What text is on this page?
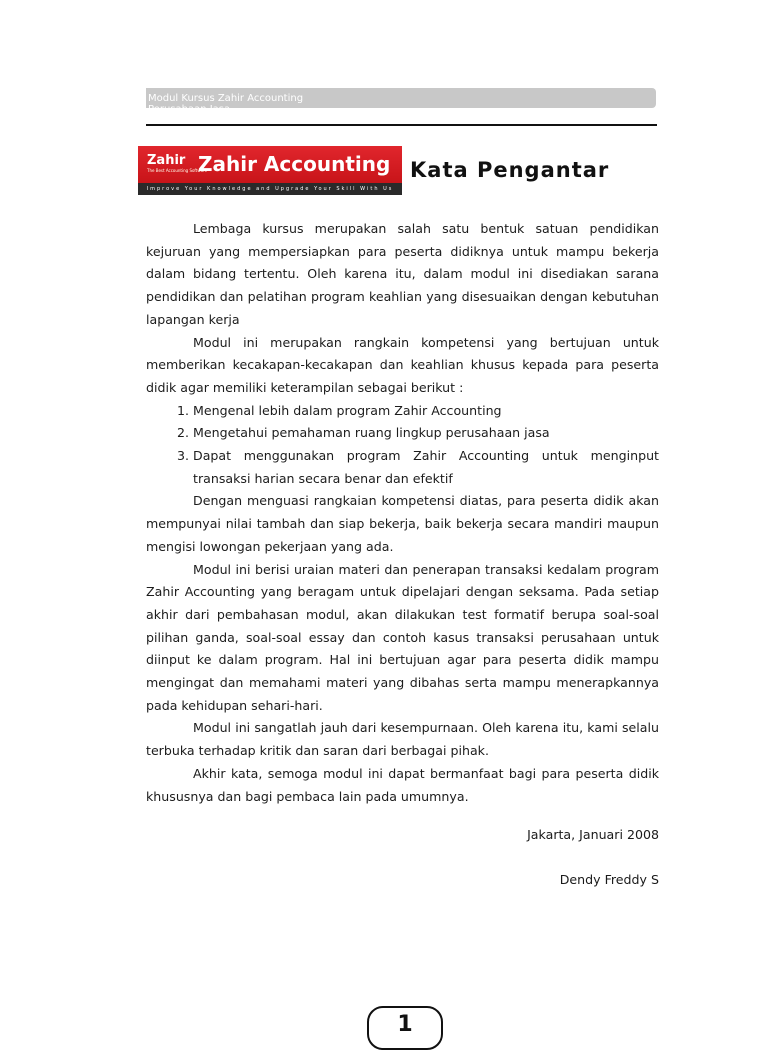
Modul Kursus Zahir Accounting
Perusahaan Jasa
Zahir
The Best Accounting Software
Zahir Accounting
Improve Your Knowledge and Upgrade Your Skill With Us
Kata Pengantar

Lembaga kursus merupakan salah satu bentuk satuan pendidikan kejuruan yang mempersiapkan para peserta didiknya untuk mampu bekerja dalam bidang tertentu. Oleh karena itu, dalam modul ini disediakan sarana pendidikan dan pelatihan program keahlian yang disesuaikan dengan kebutuhan lapangan kerja

Modul ini merupakan rangkain kompetensi yang bertujuan untuk memberikan kecakapan-kecakapan dan keahlian khusus kepada para peserta didik agar memiliki keterampilan sebagai berikut :

1. Mengenal lebih dalam program Zahir Accounting
2. Mengetahui pemahaman ruang lingkup perusahaan jasa
3. Dapat menggunakan program Zahir Accounting untuk menginput transaksi harian secara benar dan efektif

Dengan menguasi rangkaian kompetensi diatas, para peserta didik akan mempunyai nilai tambah dan siap bekerja, baik bekerja secara mandiri maupun mengisi lowongan pekerjaan yang ada.

Modul ini berisi uraian materi dan penerapan transaksi kedalam program Zahir Accounting yang beragam untuk dipelajari dengan seksama. Pada setiap akhir dari pembahasan modul, akan dilakukan test formatif berupa soal-soal pilihan ganda, soal-soal essay dan contoh kasus transaksi perusahaan untuk diinput ke dalam program. Hal ini bertujuan agar para peserta didik mampu mengingat dan memahami materi yang dibahas serta mampu menerapkannya pada kehidupan sehari-hari.

Modul ini sangatlah jauh dari kesempurnaan. Oleh karena itu, kami selalu terbuka terhadap kritik dan saran dari berbagai pihak.

Akhir kata, semoga modul ini dapat bermanfaat bagi para peserta didik khususnya dan bagi pembaca lain pada umumnya.

Jakarta, Januari 2008
Dendy Freddy S
1
